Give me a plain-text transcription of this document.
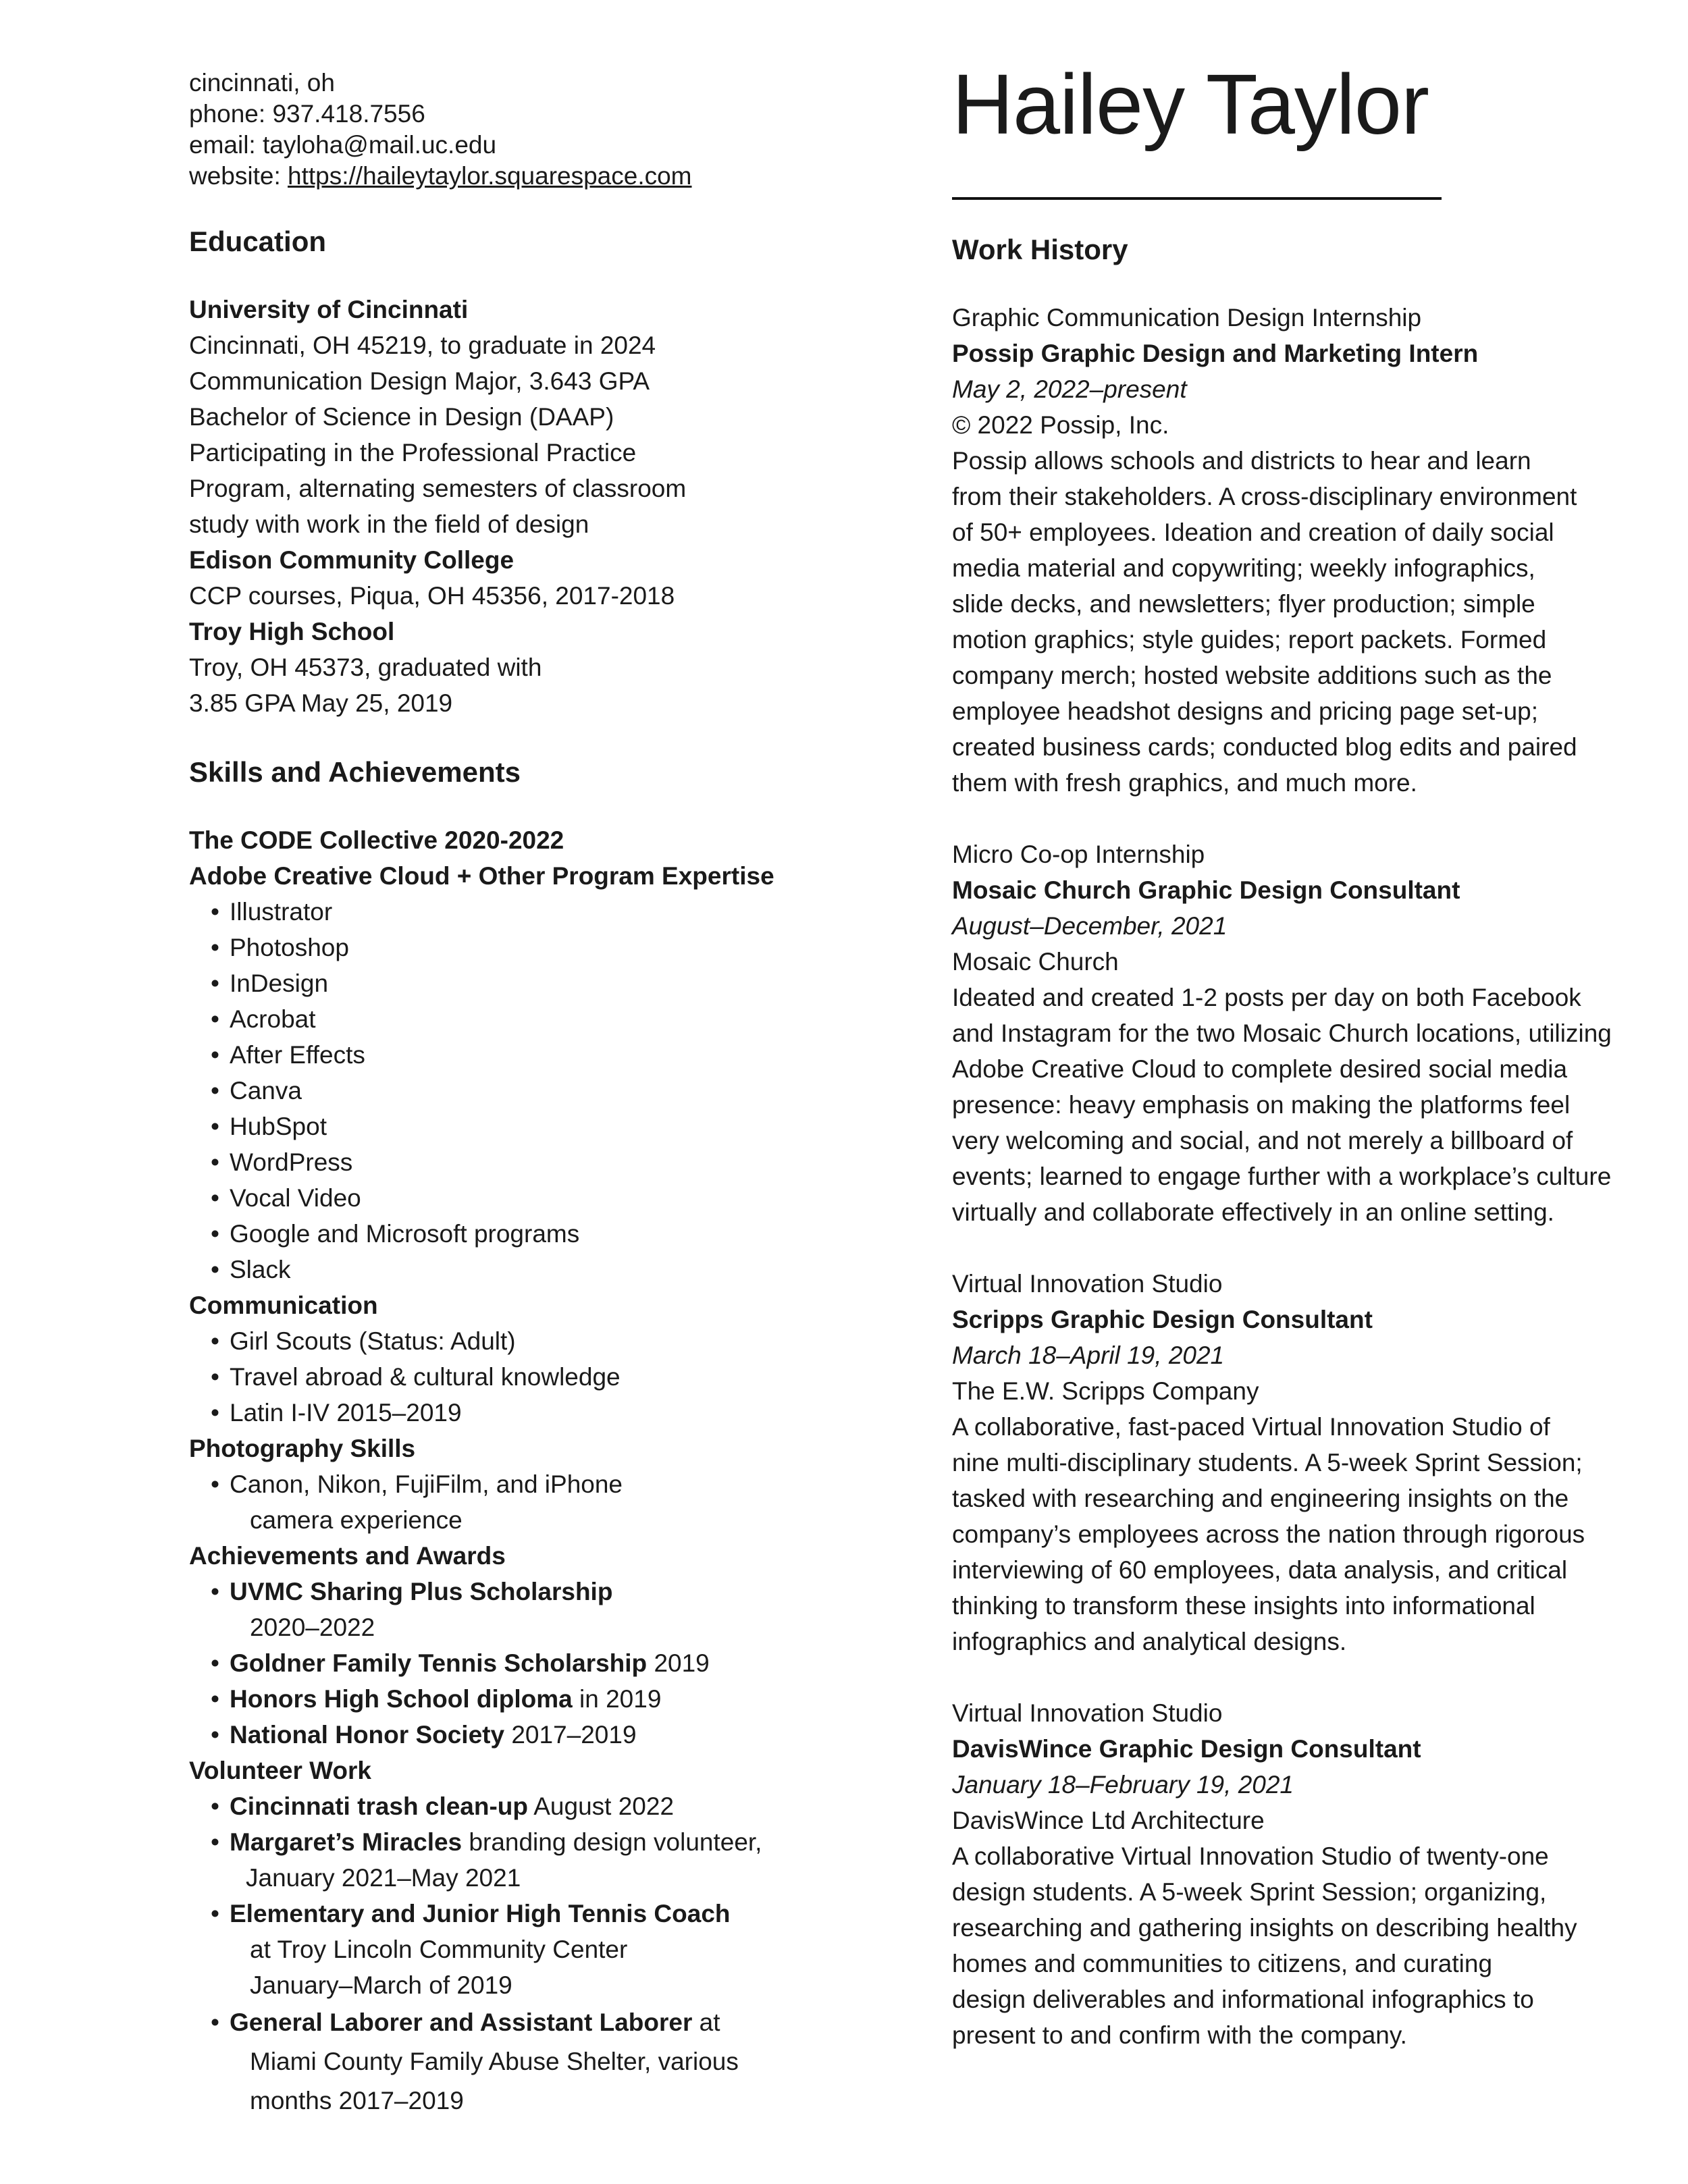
cincinnati, oh
phone: 937.418.7556
email: tayloha@mail.uc.edu
website: https://haileytaylor.squarespace.com
Education
University of Cincinnati
Cincinnati, OH 45219, to graduate in 2024
Communication Design Major, 3.643 GPA
Bachelor of Science in Design (DAAP)
Participating in the Professional Practice
Program, alternating semesters of classroom
study with work in the field of design
Edison Community College
CCP courses, Piqua, OH 45356, 2017-2018
Troy High School
Troy, OH 45373, graduated with
3.85 GPA May 25, 2019
Skills and Achievements
The CODE Collective 2020-2022
Adobe Creative Cloud + Other Program Expertise
• Illustrator
• Photoshop
• InDesign
• Acrobat
• After Effects
• Canva
• HubSpot
• WordPress
• Vocal Video
• Google and Microsoft programs
• Slack
Communication
• Girl Scouts (Status: Adult)
• Travel abroad & cultural knowledge
• Latin I-IV 2015–2019
Photography Skills
• Canon, Nikon, FujiFilm, and iPhone
camera experience
Achievements and Awards
• UVMC Sharing Plus Scholarship
2020–2022
• Goldner Family Tennis Scholarship 2019
• Honors High School diploma in 2019
• National Honor Society 2017–2019
Volunteer Work
• Cincinnati trash clean-up August 2022
• Margaret’s Miracles branding design volunteer,
January 2021–May 2021
• Elementary and Junior High Tennis Coach
at Troy Lincoln Community Center
January–March of 2019
• General Laborer and Assistant Laborer at
Miami County Family Abuse Shelter, various
months 2017–2019
Hailey Taylor
Work History
Graphic Communication Design Internship
Possip Graphic Design and Marketing Intern
May 2, 2022–present
© 2022 Possip, Inc.
Possip allows schools and districts to hear and learn
from their stakeholders. A cross-disciplinary environment
of 50+ employees. Ideation and creation of daily social
media material and copywriting; weekly infographics,
slide decks, and newsletters; flyer production; simple
motion graphics; style guides; report packets. Formed
company merch; hosted website additions such as the
employee headshot designs and pricing page set-up;
created business cards; conducted blog edits and paired
them with fresh graphics, and much more.
Micro Co-op Internship
Mosaic Church Graphic Design Consultant
August–December, 2021
Mosaic Church
Ideated and created 1-2 posts per day on both Facebook
and Instagram for the two Mosaic Church locations, utilizing
Adobe Creative Cloud to complete desired social media
presence: heavy emphasis on making the platforms feel
very welcoming and social, and not merely a billboard of
events; learned to engage further with a workplace’s culture
virtually and collaborate effectively in an online setting.
Virtual Innovation Studio
Scripps Graphic Design Consultant
March 18–April 19, 2021
The E.W. Scripps Company
A collaborative, fast-paced Virtual Innovation Studio of
nine multi-disciplinary students. A 5-week Sprint Session;
tasked with researching and engineering insights on the
company’s employees across the nation through rigorous
interviewing of 60 employees, data analysis, and critical
thinking to transform these insights into informational
infographics and analytical designs.
Virtual Innovation Studio
DavisWince Graphic Design Consultant
January 18–February 19, 2021
DavisWince Ltd Architecture
A collaborative Virtual Innovation Studio of twenty-one
design students. A 5-week Sprint Session; organizing,
researching and gathering insights on describing healthy
homes and communities to citizens, and curating
design deliverables and informational infographics to
present to and confirm with the company.
